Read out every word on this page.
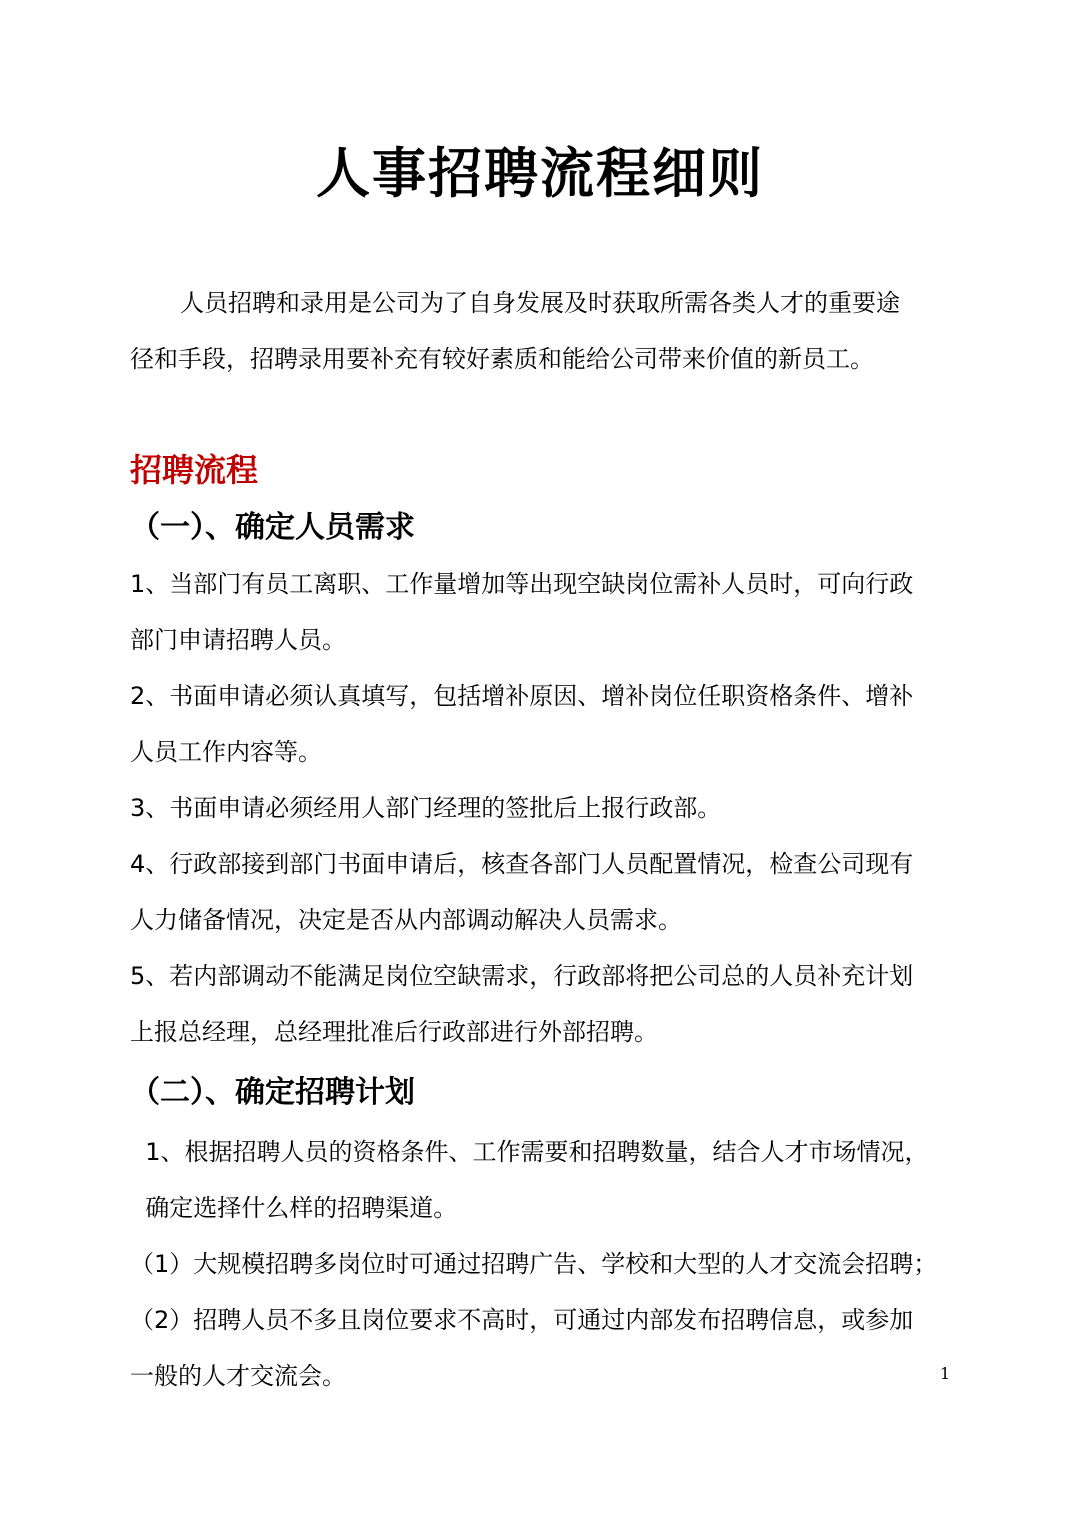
人事招聘流程细则
人员招聘和录用是公司为了自身发展及时获取所需各类人才的重要途
径和手段，招聘录用要补充有较好素质和能给公司带来价值的新员工。
招聘流程
（一）、确定人员需求
1、当部门有员工离职、工作量增加等出现空缺岗位需补人员时，可向行政
部门申请招聘人员。
2、书面申请必须认真填写，包括增补原因、增补岗位任职资格条件、增补
人员工作内容等。
3、书面申请必须经用人部门经理的签批后上报行政部。
4、行政部接到部门书面申请后，核查各部门人员配置情况，检查公司现有
人力储备情况，决定是否从内部调动解决人员需求。
5、若内部调动不能满足岗位空缺需求，行政部将把公司总的人员补充计划
上报总经理，总经理批准后行政部进行外部招聘。
（二）、确定招聘计划
1、根据招聘人员的资格条件、工作需要和招聘数量，结合人才市场情况，
确定选择什么样的招聘渠道。
（1）大规模招聘多岗位时可通过招聘广告、学校和大型的人才交流会招聘；
（2）招聘人员不多且岗位要求不高时，可通过内部发布招聘信息，或参加
一般的人才交流会。	1
